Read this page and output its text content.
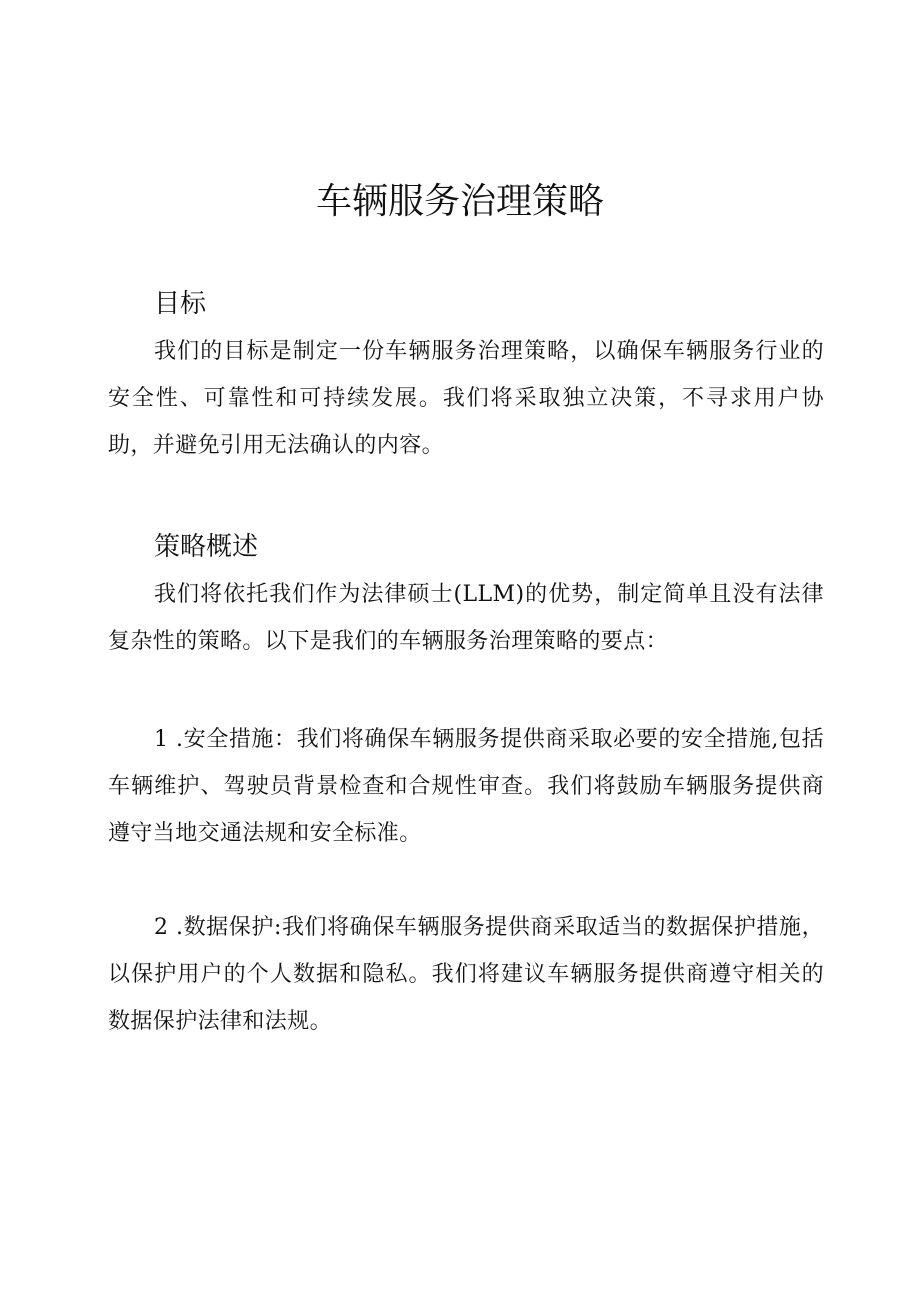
车辆服务治理策略
目标

我们的目标是制定一份车辆服务治理策略，以确保车辆服务行业的安全性、可靠性和可持续发展。我们将采取独立决策，不寻求用户协助，并避免引用无法确认的内容。

策略概述

我们将依托我们作为法律硕士(LLM)的优势，制定简单且没有法律复杂性的策略。以下是我们的车辆服务治理策略的要点：

1 .安全措施：我们将确保车辆服务提供商采取必要的安全措施,包括车辆维护、驾驶员背景检查和合规性审查。我们将鼓励车辆服务提供商遵守当地交通法规和安全标准。

2 .数据保护:我们将确保车辆服务提供商采取适当的数据保护措施，以保护用户的个人数据和隐私。我们将建议车辆服务提供商遵守相关的数据保护法律和法规。
